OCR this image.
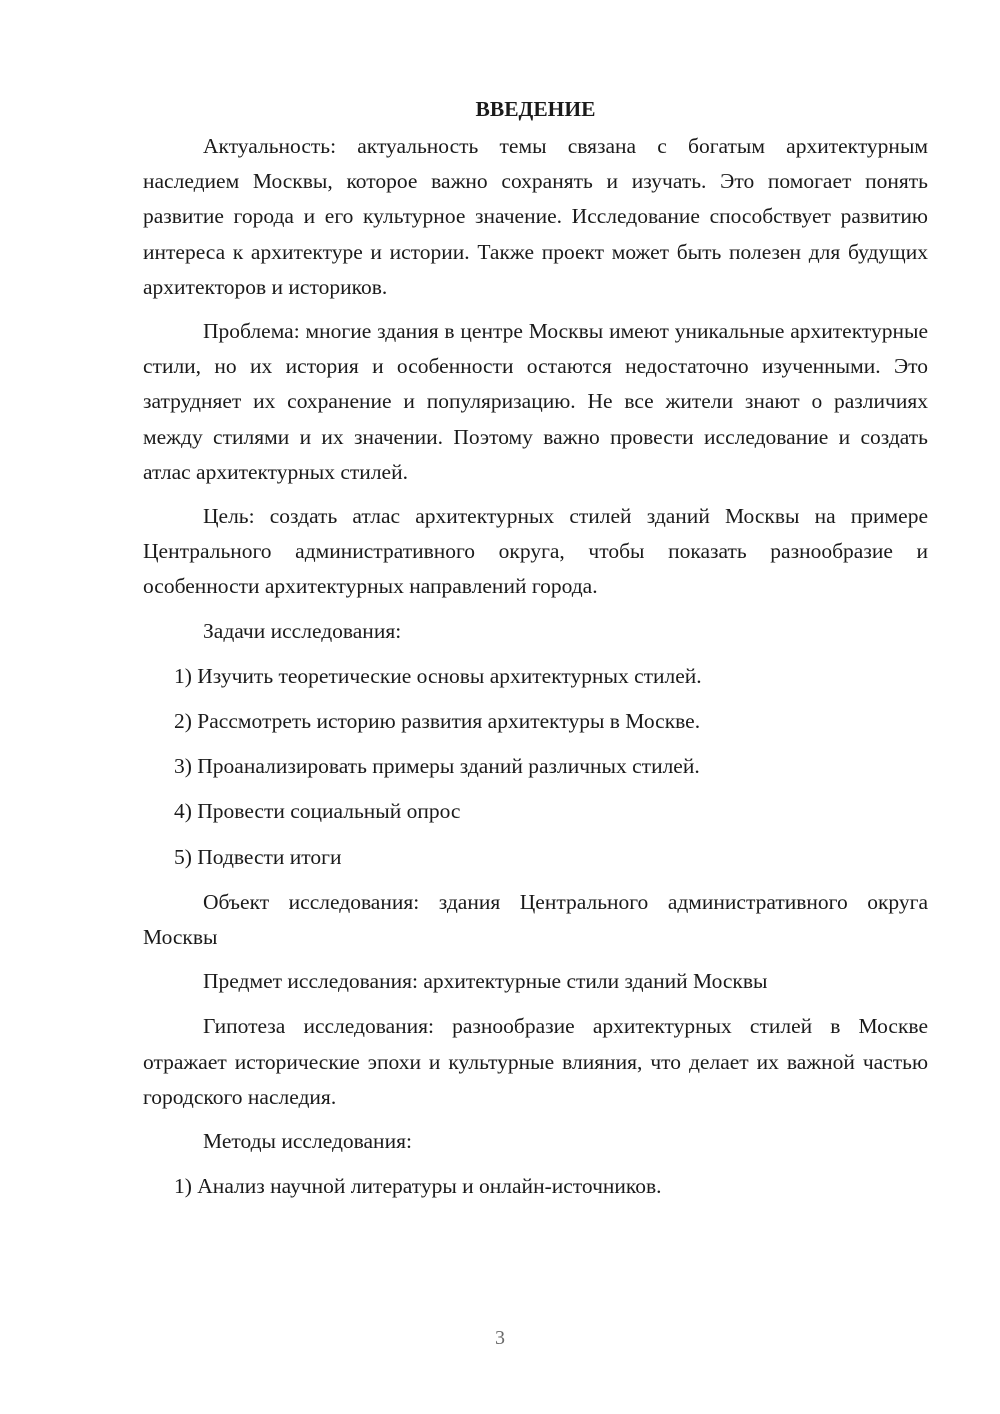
ВВЕДЕНИЕ

Актуальность: актуальность темы связана с богатым архитектурным наследием Москвы, которое важно сохранять и изучать. Это помогает понять развитие города и его культурное значение. Исследование способствует развитию интереса к архитектуре и истории. Также проект может быть полезен для будущих архитекторов и историков.

Проблема: многие здания в центре Москвы имеют уникальные архитектурные стили, но их история и особенности остаются недостаточно изученными. Это затрудняет их сохранение и популяризацию. Не все жители знают о различиях между стилями и их значении. Поэтому важно провести исследование и создать атлас архитектурных стилей.

Цель: создать атлас архитектурных стилей зданий Москвы на примере Центрального административного округа, чтобы показать разнообразие и особенности архитектурных направлений города.

Задачи исследования:

1) Изучить теоретические основы архитектурных стилей.
2) Рассмотреть историю развития архитектуры в Москве.
3) Проанализировать примеры зданий различных стилей.
4) Провести социальный опрос
5) Подвести итоги

Объект исследования: здания Центрального административного округа Москвы

Предмет исследования: архитектурные стили зданий Москвы

Гипотеза исследования: разнообразие архитектурных стилей в Москве отражает исторические эпохи и культурные влияния, что делает их важной частью городского наследия.

Методы исследования:

1) Анализ научной литературы и онлайн-источников.
3
